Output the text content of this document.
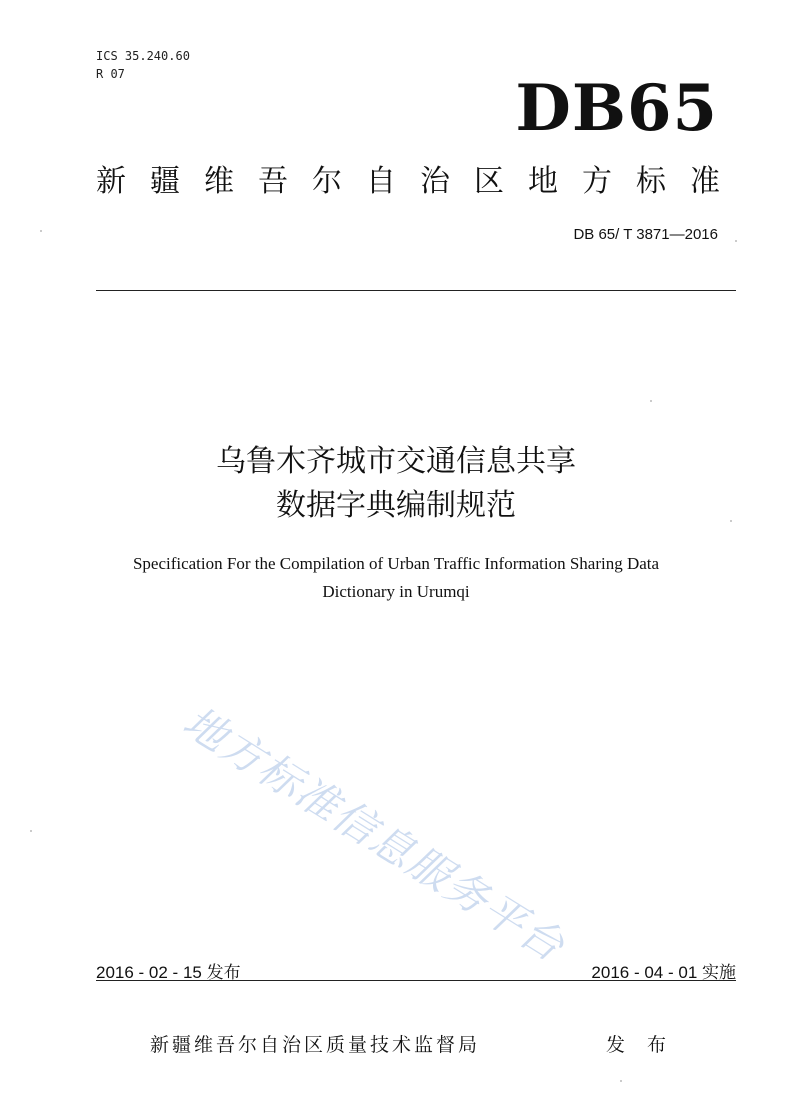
ICS 35.240.60
R 07	DB65
新疆维吾尔自治区地方标准
DB 65/ T 3871—2016
乌鲁木齐城市交通信息共享
数据字典编制规范
Specification For the Compilation of Urban Traffic Information Sharing Data
Dictionary in Urumqi
地方标准信息服务平台
2016 - 02 - 15 发布	2016 - 04 - 01 实施
新疆维吾尔自治区质量技术监督局	发 布
